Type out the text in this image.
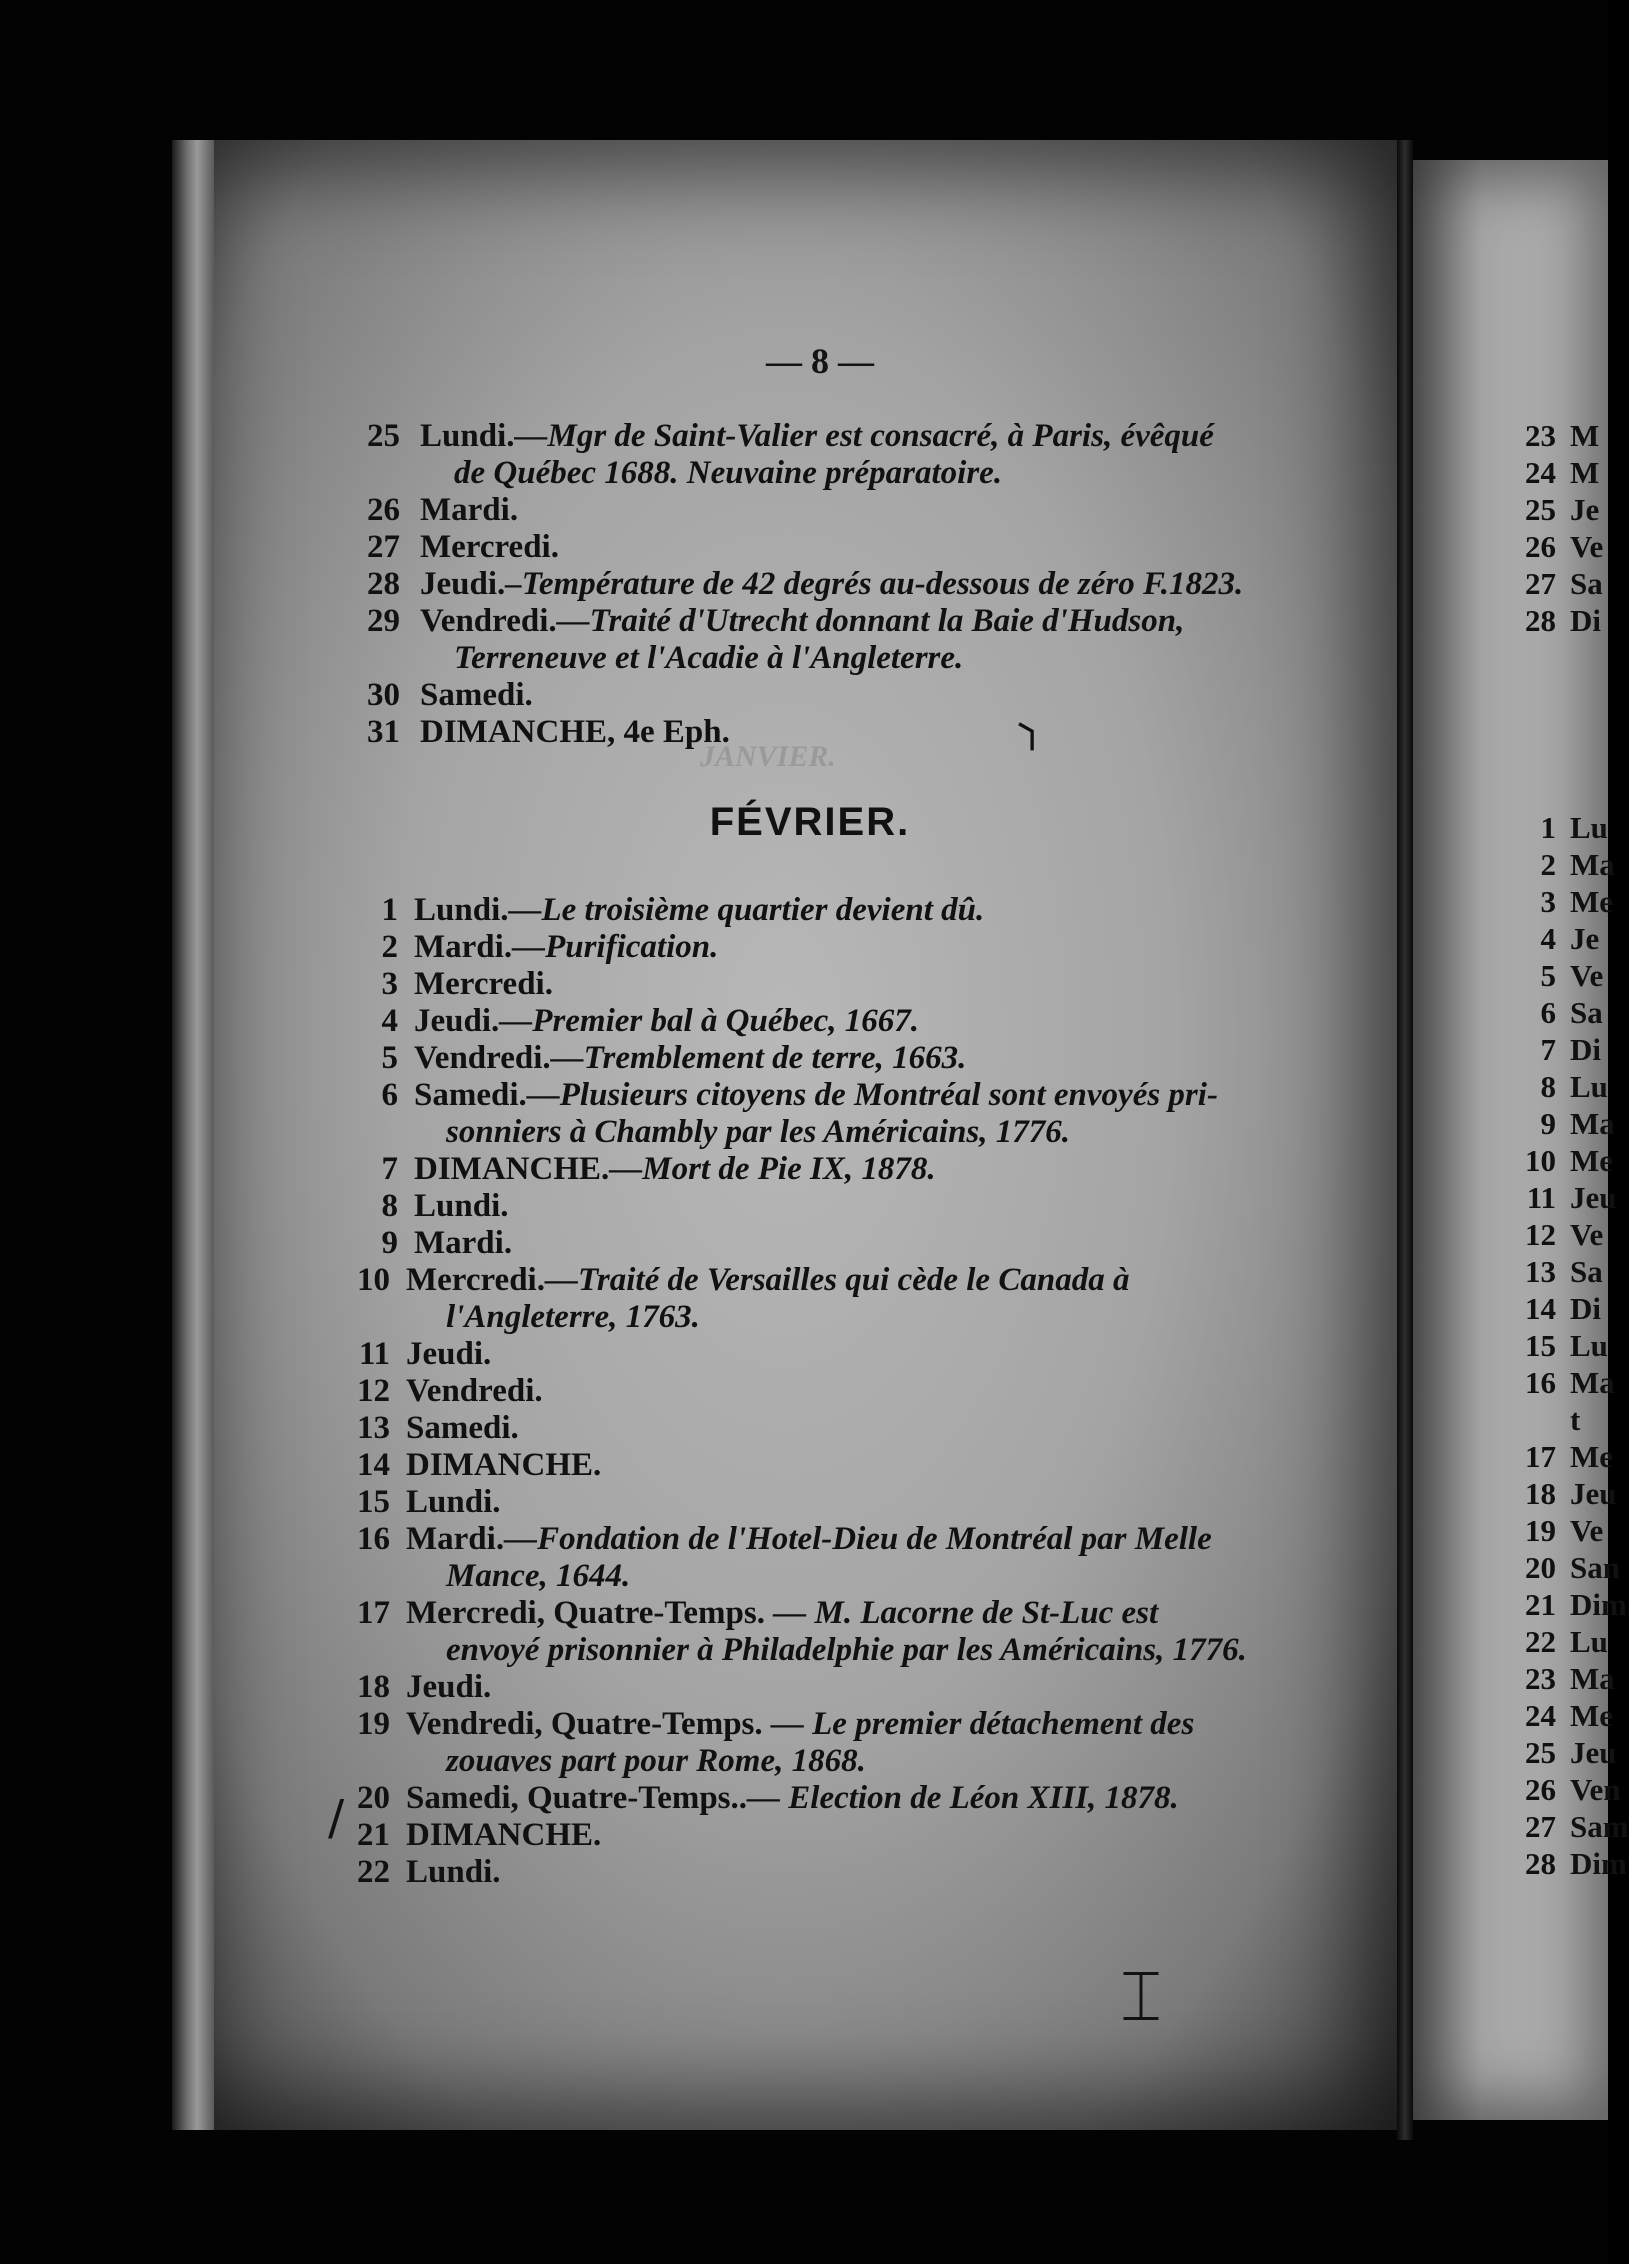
JANVIER.
— 8 —
25 Lundi.—Mgr de Saint-Valier est consacré, à Paris, évêqué
de Québec 1688. Neuvaine préparatoire.
26 Mardi.
27 Mercredi.
28 Jeudi.–Température de 42 degrés au-dessous de zéro F.1823.
29 Vendredi.—Traité d'Utrecht donnant la Baie d'Hudson,
Terreneuve et l'Acadie à l'Angleterre.
30 Samedi.
31 DIMANCHE, 4e Eph.
1 Lundi.—Le troisième quartier devient dû.
2 Mardi.—Purification.
3 Mercredi.
4 Jeudi.—Premier bal à Québec, 1667.
5 Vendredi.—Tremblement de terre, 1663.
6 Samedi.—Plusieurs citoyens de Montréal sont envoyés pri-
sonniers à Chambly par les Américains, 1776.
7 DIMANCHE.—Mort de Pie IX, 1878.
8 Lundi.
9 Mardi.
10 Mercredi.—Traité de Versailles qui cède le Canada à
l'Angleterre, 1763.
11 Jeudi.
12 Vendredi.
13 Samedi.
14 DIMANCHE.
15 Lundi.
16 Mardi.—Fondation de l'Hotel-Dieu de Montréal par Melle
Mance, 1644.
17 Mercredi, Quatre-Temps. — M. Lacorne de St-Luc est
envoyé prisonnier à Philadelphie par les Américains, 1776.
18 Jeudi.
19 Vendredi, Quatre-Temps. — Le premier détachement des
zouaves part pour Rome, 1868.
20 Samedi, Quatre-Temps..— Election de Léon XIII, 1878.
21 DIMANCHE.
22 Lundi.
FÉVRIER.
23 M
24 M
25 Je
26 Ve
27 Sa
28 Di
1 Lu
2 Ma
3 Me
4 Je
5 Ve
6 Sa
7 Di
8 Lu
9 Ma
10 Me
11 Jeu
12 Ve
13 Sa
14 Di
15 Lu
16 Ma
t
17 Me
18 Jeu
19 Ve
20 San
21 Dim
22 Lu
23 Ma
24 Me
25 Jeu
26 Ven
27 Sam
28 Dim
⸃
/
⌶
